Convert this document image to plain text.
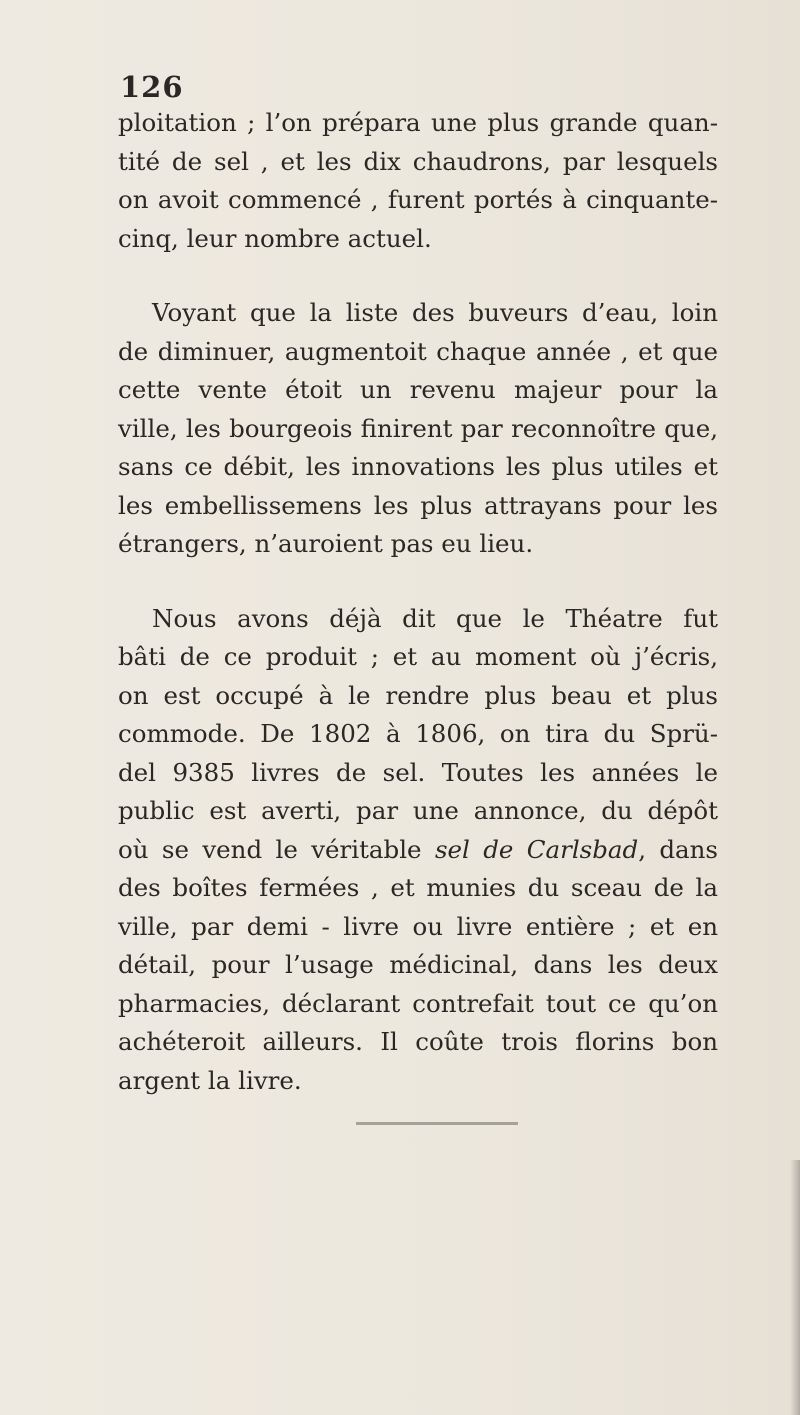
126
ploitation ; l’on prépara une plus grande quan-
tité de sel , et les dix chaudrons, par lesquels
on avoit commencé , furent portés à cinquante-
cinq, leur nombre actuel.
Voyant que la liste des buveurs d’eau, loin
de diminuer, augmentoit chaque année , et que
cette vente étoit un revenu majeur pour la
ville, les bourgeois finirent par reconnoître que,
sans ce débit, les innovations les plus utiles et
les embellissemens les plus attrayans pour les
étrangers, n’auroient pas eu lieu.
Nous avons déjà dit que le Théatre fut
bâti de ce produit ; et au moment où j’écris,
on est occupé à le rendre plus beau et plus
commode. De 1802 à 1806, on tira du Sprü-
del 9385 livres de sel. Toutes les années le
public est averti, par une annonce, du dépôt
où se vend le véritable sel de Carlsbad, dans
des boîtes fermées , et munies du sceau de la
ville, par demi - livre ou livre entière ; et en
détail, pour l’usage médicinal, dans les deux
pharmacies, déclarant contrefait tout ce qu’on
achéteroit ailleurs. Il coûte trois florins bon
argent la livre.
